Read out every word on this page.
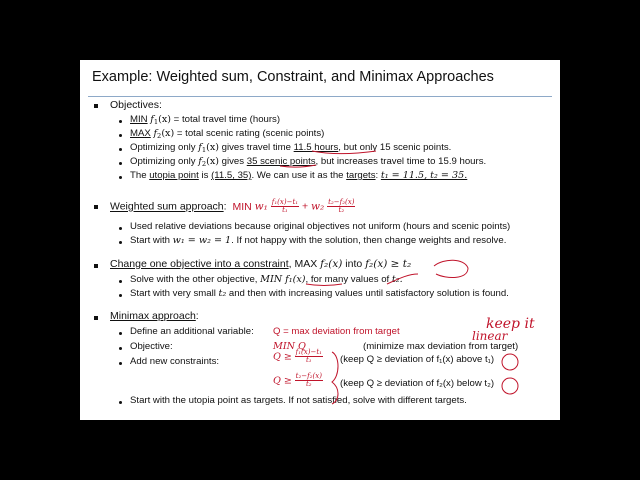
Example: Weighted sum, Constraint, and Minimax Approaches
Objectives:
MIN $f_1(x)$ = total travel time (hours)
MAX $f_2(x)$ = total scenic rating (scenic points)
Optimizing only $f_1(x)$ gives travel time 11.5 hours, but only 15 scenic points.
Optimizing only $f_2(x)$ gives 35 scenic points, but increases travel time to 15.9 hours.
The utopia point is (11.5, 35). We can use it as the targets: t₁ = 11.5, t₂ = 35.
Weighted sum approach: MIN $w_1 \frac{\text{f₁(x)−t₁}}{\text{t₁}} + w_2 \frac{\text{t₂−f₂(x)}}{\text{t₂}}$
Used relative deviations because original objectives not uniform (hours and scenic points)
Start with w₁ = w₂ = 1. If not happy with the solution, then change weights and resolve.
Change one objective into a constraint, MAX f₂(x) into f₂(x) ≥ t₂
Solve with the other objective, MIN f₁(x), for many values of t₂.
Start with very small t₂ and then with increasing values until satisfactory solution is found.
Minimax approach:
Define an additional variable: Q = max deviation from target
Objective:	MIN Q	(minimize max deviation from target)
Add new constraints:	$Q \ge \frac{\text{f₁(x)−t₁}}{\text{t₁}}$ (keep Q ≥ deviation of f₁(x) above t₁)
$Q \ge \frac{\text{t₂−f₂(x)}}{\text{t₂}}$ (keep Q ≥ deviation of f₂(x) below t₂)
Start with the utopia point as targets. If not satisfied, solve with different targets.
keep it
linear
